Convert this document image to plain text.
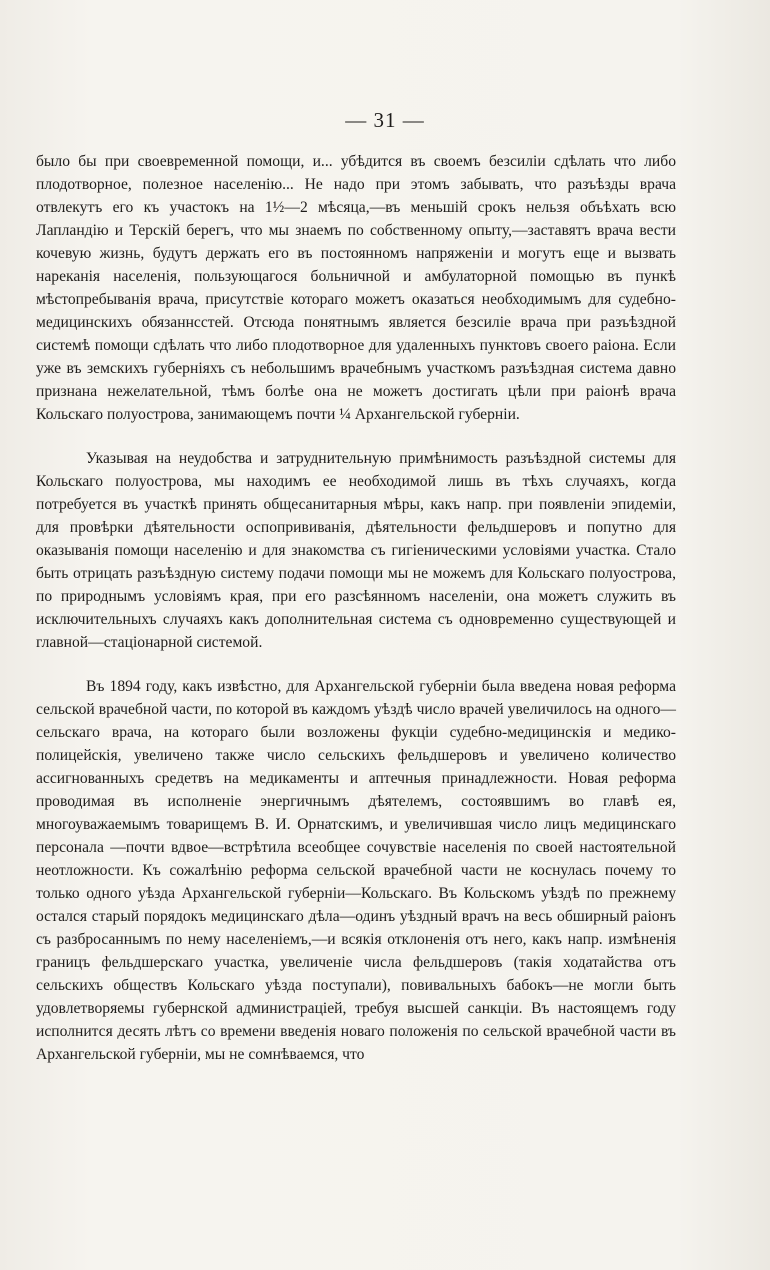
— 31 —

было бы при своевременной помощи, и... убѣдится въ своемъ безсиліи сдѣлать что либо плодотворное, полезное населенію... Не надо при этомъ забывать, что разъѣзды врача отвлекутъ его къ участокъ на 1½—2 мѣсяца,—въ меньшій срокъ нельзя объѣхать всю Лапландію и Терскій берегъ, что мы знаемъ по собственному опыту,—заставятъ врача вести кочевую жизнь, будутъ держать его въ постоянномъ напряженіи и могутъ еще и вызвать нареканія населенія, пользующагося больничной и амбулаторной помощью въ пункѣ мѣстопребыванія врача, присутствіе котораго можетъ оказаться необходимымъ для судебно-медицинскихъ обязаннсстей. Отсюда понятнымъ является безсиліе врача при разъѣздной системѣ помощи сдѣлать что либо плодотворное для удаленныхъ пунктовъ своего раіона. Если уже въ земскихъ губерніяхъ съ небольшимъ врачебнымъ участкомъ разъѣздная система давно признана нежелательной, тѣмъ болѣе она не можетъ достигать цѣли при раіонѣ врача Кольскаго полуострова, занимающемъ почти ¼ Архангельской губерніи.

Указывая на неудобства и затруднительную примѣнимость разъѣздной системы для Кольскаго полуострова, мы находимъ ее необходимой лишь въ тѣхъ случаяхъ, когда потребуется въ участкѣ принять общесанитарныя мѣры, какъ напр. при появленіи эпидеміи, для провѣрки дѣятельности оспопрививанія, дѣятельности фельдшеровъ и попутно для оказыванія помощи населенію и для знакомства съ гигіеническими условіями участка. Стало быть отрицать разъѣздную систему подачи помощи мы не можемъ для Кольскаго полуострова, по природнымъ условіямъ края, при его разсѣянномъ населеніи, она можетъ служить въ исключительныхъ случаяхъ какъ дополнительная система съ одновременно существующей и главной—стаціонарной системой.

Въ 1894 году, какъ извѣстно, для Архангельской губерніи была введена новая реформа сельской врачебной части, по которой въ каждомъ уѣздѣ число врачей увеличилось на одного—сельскаго врача, на котораго были возложены фукціи судебно-медицинскія и медико-полицейскія, увеличено также число сельскихъ фельдшеровъ и увеличено количество ассигнованныхъ средетвъ на медикаменты и аптечныя принадлежности. Новая реформа проводимая въ исполненіе энергичнымъ дѣятелемъ, состоявшимъ во главѣ ея, многоуважаемымъ товарищемъ В. И. Орнатскимъ, и увеличившая число лицъ медицинскаго персонала —почти вдвое—встрѣтила всеобщее сочувствіе населенія по своей настоятельной неотложности. Къ сожалѣнію реформа сельской врачебной части не коснулась почему то только одного уѣзда Архангельской губерніи—Кольскаго. Въ Кольскомъ уѣздѣ по прежнему остался старый порядокъ медицинскаго дѣла—одинъ уѣздный врачъ на весь обширный раіонъ съ разбросаннымъ по нему населеніемъ,—и всякія отклоненія отъ него, какъ напр. измѣненія границъ фельдшерскаго участка, увеличеніе числа фельдшеровъ (такія ходатайства отъ сельскихъ обществъ Кольскаго уѣзда поступали), повивальныхъ бабокъ—не могли быть удовлетворяемы губернской администраціей, требуя высшей санкціи. Въ настоящемъ году исполнится десять лѣтъ со времени введенія новаго положенія по сельской врачебной части въ Архангельской губерніи, мы не сомнѣваемся, что
